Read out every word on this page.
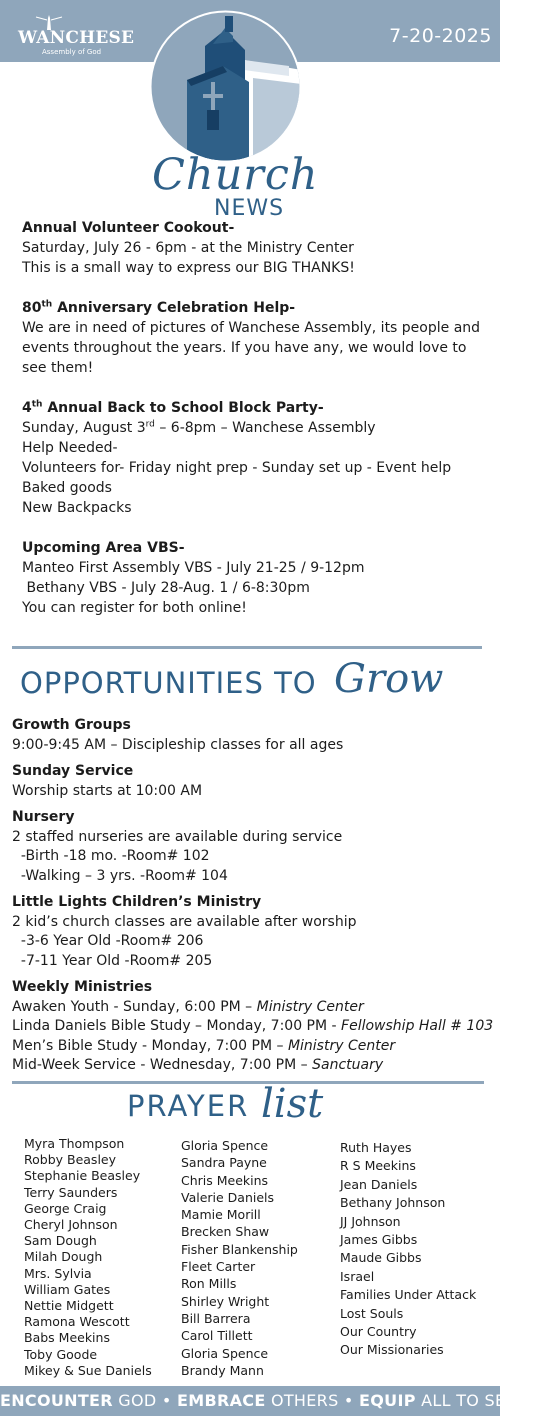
WANCHESE
Assembly of God
7-20-2025
Church
NEWS
Annual Volunteer Cookout-

Saturday, July 26 - 6pm - at the Ministry Center

This is a small way to express our BIG THANKS!

80th Anniversary Celebration Help-

We are in need of pictures of Wanchese Assembly, its people and events throughout the years. If you have any, we would love to see them!

4th Annual Back to School Block Party-

Sunday, August 3rd – 6-8pm – Wanchese Assembly

Help Needed-

Volunteers for- Friday night prep - Sunday set up - Event help

Baked goods

New Backpacks

Upcoming Area VBS-

Manteo First Assembly VBS - July 21-25 / 9-12pm

Bethany VBS - July 28-Aug. 1 / 6-8:30pm

You can register for both online!

OPPORTUNITIES TO Grow
Growth Groups

9:00-9:45 AM – Discipleship classes for all ages

Sunday Service

Worship starts at 10:00 AM

Nursery

2 staffed nurseries are available during service

-Birth -18 mo. -Room# 102

-Walking – 3 yrs. -Room# 104

Little Lights Children’s Ministry

2 kid’s church classes are available after worship

-3-6 Year Old -Room# 206

-7-11 Year Old -Room# 205

Weekly Ministries

Awaken Youth - Sunday, 6:00 PM – Ministry Center

Linda Daniels Bible Study – Monday, 7:00 PM - Fellowship Hall # 103

Men’s Bible Study - Monday, 7:00 PM – Ministry Center

Mid-Week Service - Wednesday, 7:00 PM – Sanctuary

PRAYER list
Myra Thompson
Robby Beasley
Stephanie Beasley
Terry Saunders
George Craig
Cheryl Johnson
Sam Dough
Milah Dough
Mrs. Sylvia
William Gates
Nettie Midgett
Ramona Wescott
Babs Meekins
Toby Goode
Mikey & Sue Daniels
Gloria Spence
Sandra Payne
Chris Meekins
Valerie Daniels
Mamie Morill
Brecken Shaw
Fisher Blankenship
Fleet Carter
Ron Mills
Shirley Wright
Bill Barrera
Carol Tillett
Gloria Spence
Brandy Mann
Ruth Hayes
R S Meekins
Jean Daniels
Bethany Johnson
JJ Johnson
James Gibbs
Maude Gibbs
Israel
Families Under Attack
Lost Souls
Our Country
Our Missionaries
ENCOUNTER GOD • EMBRACE OTHERS • EQUIP ALL TO SERVE
